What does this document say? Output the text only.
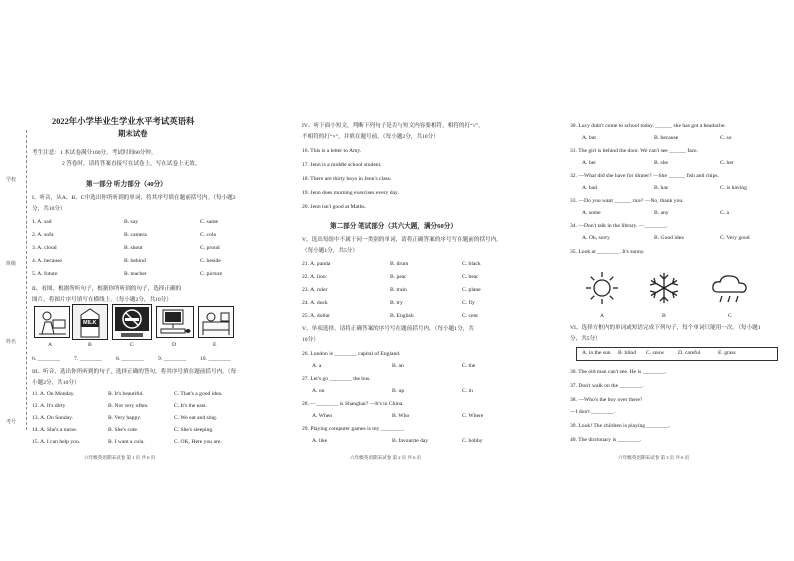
学校
班级
姓名
考号
2022年小学毕业生学业水平考试英语科
期末试卷
考生注意：1 本试卷满分100分，考试时间60分钟。
2 答卷时，请将答案直接写在试卷上，写在试卷上无效。
第一部分 听力部分（40分）
I、听音，从A、B、C中选出你所听到的单词，将其序号填在题前括号内。（每小题2
分，共10分）
1. A. sad	B. say	C. same
2. A. sofa	B. camera	C. cola
3. A. cloud	B. shout	C. proud
4. A. because	B. behind	C. beside
5. A. future	B. teacher	C. picture
II、看图，根据所听句子，根据你所听到的句子，选择正确的
图片，将图片序号填写在横线上。（每小题2分，共10分）
MILK
A	B	C	D	E
6. ________	7. ________	8. ________	9. ________	10. ________
III、听音，选出你所听到的句子，选择正确的答句，将其序号填在题前括号内。（每
小题2分，共10分）
11. A. On Monday.	B. It's beautiful.	C. That's a good idea.
12. A. It's dirty	B. Not very often.	C. It's the east.
13. A. On Sunday.	B. Very happy.	C. We eat and sing.
14. A. She's a nurse.	B. She's cute.	C. She's sleeping.
15. A. I can help you.	B. I want a cola.	C. OK, Here you are.
六年级英语期末试卷 第 1 页 共 6 页
IV、听下面小短文，判断下列句子是否与短文内容要相符，相符的打“√”，
不相符的打“×”，并填在题号前。（每小题2分，共10分）
16. This is a letter to Amy.
17. Jenn is a middle school student.
18. There are thirty boys in Jenn's class.
19. Jenn does morning exercises every day.
20. Jenn isn't good at Maths.
第二部分 笔试部分（共六大题，满分60分）
V、选出每组中不属于同一类别的单词，请将正确答案的序号写在题前的括号内。
（每小题1分，共5分）
21. A. panda	B. drum	C. black
22. A. lion	B. pear	C. bear
23. A. ruler	B. train	C. plane
24. A. duck	B. try	C. fly
25. A. dollar	B. English	C. cent
V、单项选择。请将正确答案的序号写在题前括号内。（每小题1分，共
10分）
26. London is ________ capital of England.
A. a	B. an	C. the
27. Let's go ________ the bus.
A. on	B. up	C. in
28. —________ is Shanghai? —It's in China.
A. When	B. Who	C. Where
29. Playing computer games is my ________.
A. like	B. favourite day	C. hobby
六年级英语期末试卷 第 2 页 共 6 页
30. Lucy didn't come to school today. ______ she has got a headache.
A. but	B. because	C. so
31. The girl is behind the door. We can't see ______ face.
A. her	B. she	C. her
32. —What did she have for dinner? —She ______ fish and chips.
A. had	B. has	C. is having
33. —Do you want ______ rice? —No, thank you.
A. some	B. any	C. a
34. —Don't talk in the library. —________.
A. Oh, sorry	B. Good idea	C. Very good
35. Look at ________. It's sunny.
A	B	C
VI、选择方框内的单词或短语完成下列句子，每个单词只能用一次。（每小题1
分，共5分）
A. in the sun B. blind C. snow D. careful	E. grass
36. The old man can't see. He is ________.
37. Don't walk on the ________.
38. —Who's the boy over there?
—I don't ________.
39. Look! The children is playing ________.
40. The dictionary is ________.
六年级英语期末试卷 第 3 页 共 6 页
